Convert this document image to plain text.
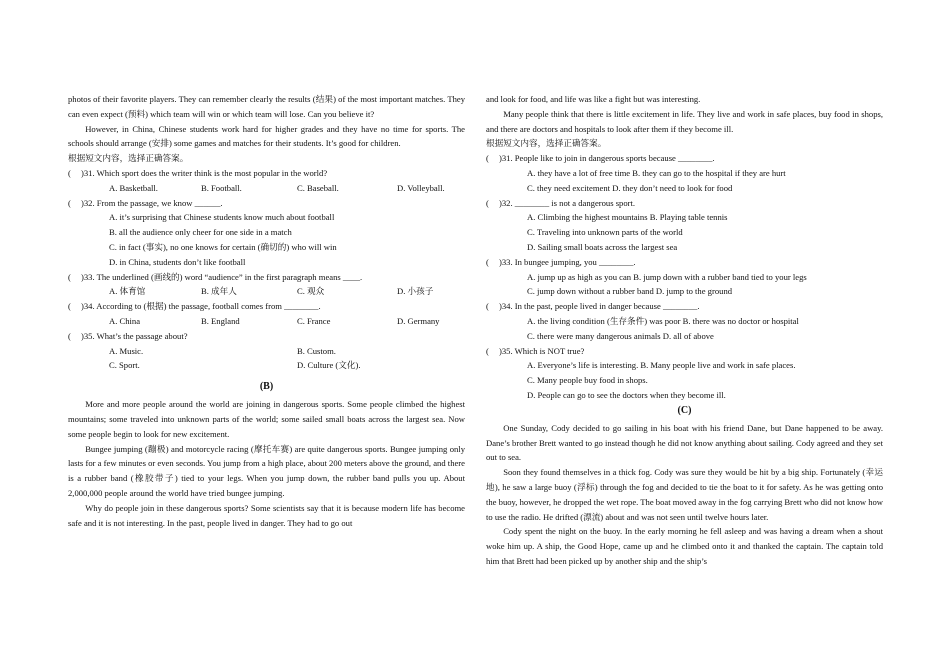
photos of their favorite players. They can remember clearly the results (结果) of the most important matches. They can even expect (预料) which team will win or which team will lose. Can you believe it?

However, in China, Chinese students work hard for higher grades and they have no time for sports. The schools should arrange (安排) some games and matches for their students. It’s good for children.

根据短文内容，选择正确答案。

(	)31. Which sport does the writer think is the most popular in the world?
A. Basketball.	B. Football.	C. Baseball.	D. Volleyball.
(	)32. From the passage, we know ______.

A. it’s surprising that Chinese students know much about football

B. all the audience only cheer for one side in a match

C. in fact (事实), no one knows for certain (确切的) who will win

D. in China, students don’t like football

(	)33. The underlined (画线的) word “audience” in the first paragraph means ____.
A. 体育馆	B. 成年人	C. 观众	D. 小孩子
(	)34. According to (根据) the passage, football comes from ________.
A. China	B. England	C. France	D. Germany
(	)35. What’s the passage about?
A. Music.	B. Custom.
C. Sport.	D. Culture (文化).
(B)

More and more people around the world are joining in dangerous sports. Some people climbed the highest mountains; some traveled into unknown parts of the world; some sailed small boats across the largest sea. Now some people begin to look for new excitement.

Bungee jumping (蹦极) and motorcycle racing (摩托车赛) are quite dangerous sports. Bungee jumping only lasts for a few minutes or even seconds. You jump from a high place, about 200 meters above the ground, and there is a rubber band (橡胶带子) tied to your legs. When you jump down, the rubber band pulls you up. About 2,000,000 people around the world have tried bungee jumping.

Why do people join in these dangerous sports? Some scientists say that it is because modern life has become safe and it is not interesting. In the past, people lived in danger. They had to go out

and look for food, and life was like a fight but was interesting.

Many people think that there is little excitement in life. They live and work in safe places, buy food in shops, and there are doctors and hospitals to look after them if they become ill.

根据短文内容，选择正确答案。

(	)31. People like to join in dangerous sports because ________.

A. they have a lot of free time B. they can go to the hospital if they are hurt

C. they need excitement D. they don’t need to look for food

(	)32. ________ is not a dangerous sport.

A. Climbing the highest mountains B. Playing table tennis

C. Traveling into unknown parts of the world

D. Sailing small boats across the largest sea

(	)33. In bungee jumping, you ________.

A. jump up as high as you can B. jump down with a rubber band tied to your legs

C. jump down without a rubber band D. jump to the ground

(	)34. In the past, people lived in danger because ________.

A. the living condition (生存条件) was poor B. there was no doctor or hospital

C. there were many dangerous animals D. all of above

(	)35. Which is NOT true?

A. Everyone’s life is interesting. B. Many people live and work in safe places.

C. Many people buy food in shops.

D. People can go to see the doctors when they become ill.

(C)

One Sunday, Cody decided to go sailing in his boat with his friend Dane, but Dane happened to be away. Dane’s brother Brett wanted to go instead though he did not know anything about sailing. Cody agreed and they set out to sea.

Soon they found themselves in a thick fog. Cody was sure they would be hit by a big ship. Fortunately (幸运地), he saw a large buoy (浮标) through the fog and decided to tie the boat to it for safety. As he was getting onto the buoy, however, he dropped the wet rope. The boat moved away in the fog carrying Brett who did not know how to use the radio. He drifted (漂流) about and was not seen until twelve hours later.

Cody spent the night on the buoy. In the early morning he fell asleep and was having a dream when a shout woke him up. A ship, the Good Hope, came up and he climbed onto it and thanked the captain. The captain told him that Brett had been picked up by another ship and the ship’s
